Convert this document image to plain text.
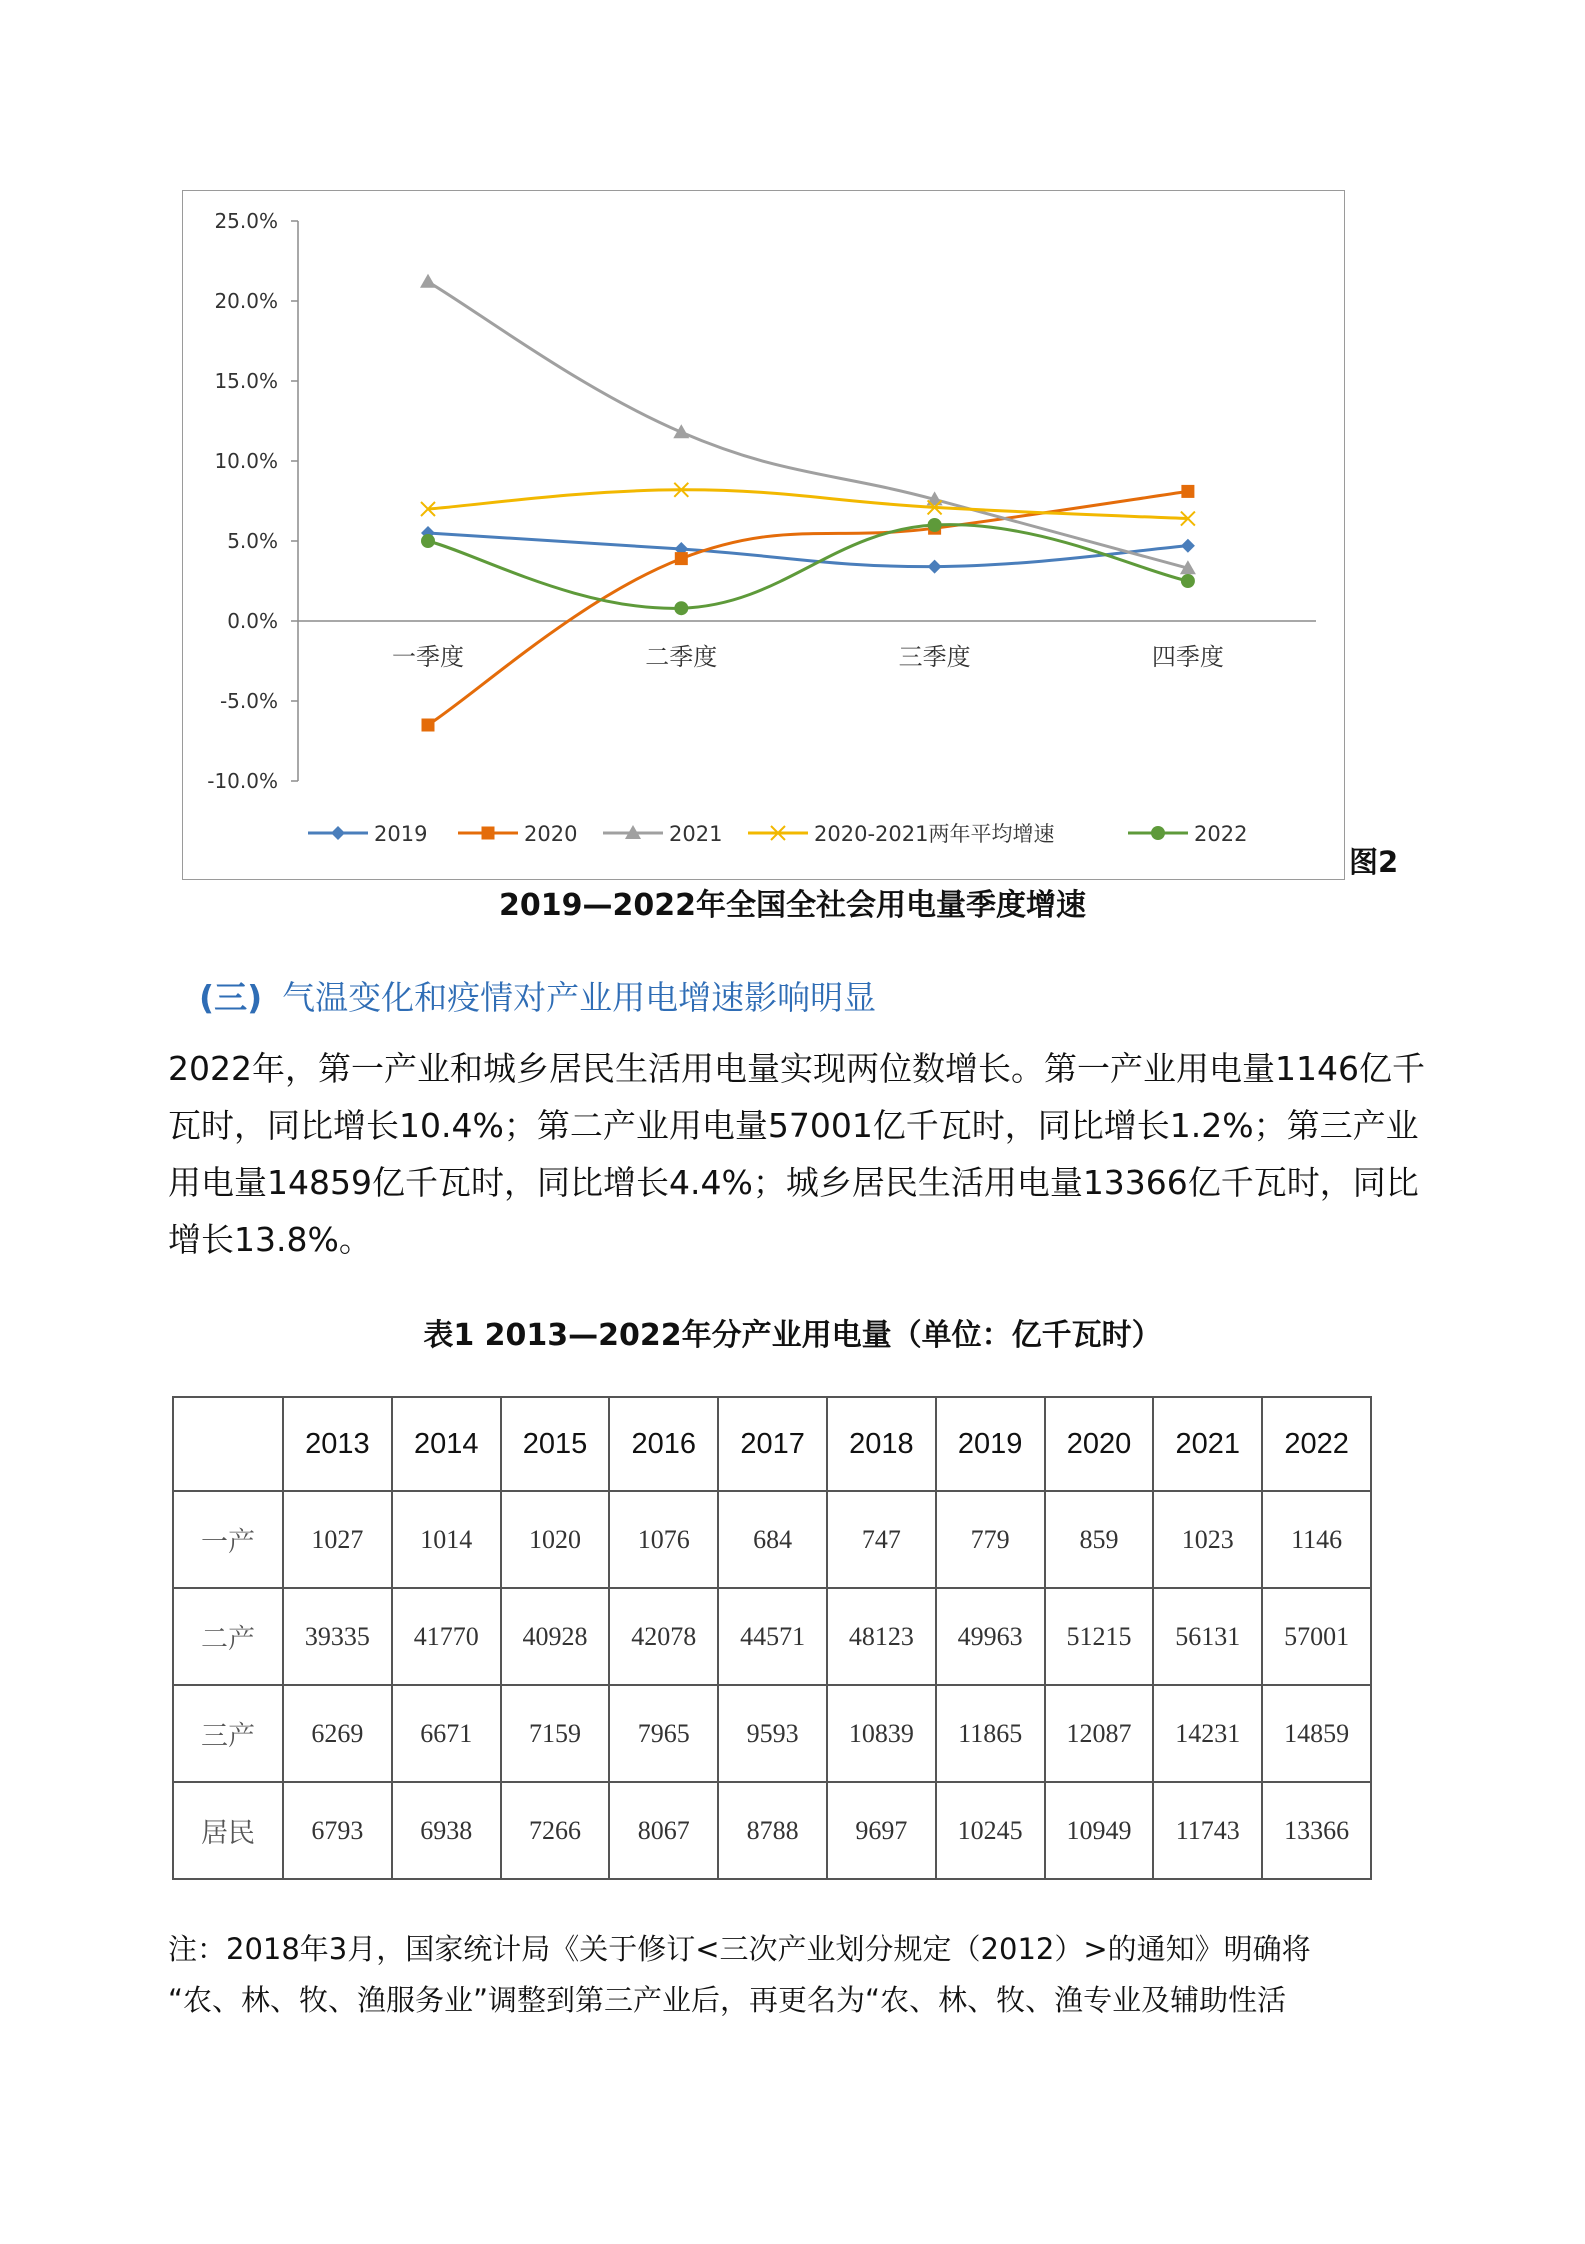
25.0%
20.0%
15.0%
10.0%
5.0%
0.0%
-5.0%
-10.0%
一季度	二季度	三季度	四季度
2019	2020	2021	2020-2021两年平均增速	2022
图2
2019—2022年全国全社会用电量季度增速
(三) 气温变化和疫情对产业用电增速影响明显
2022年，第一产业和城乡居民生活用电量实现两位数增长。第一产业用电量1146亿千瓦时，同比增长10.4%；第二产业用电量57001亿千瓦时，同比增长1.2%；第三产业用电量14859亿千瓦时，同比增长4.4%；城乡居民生活用电量13366亿千瓦时，同比增长13.8%。
表1 2013—2022年分产业用电量（单位：亿千瓦时）
	2013	2014	2015	2016	2017	2018	2019	2020	2021	2022
一产	1027	1014	1020	1076	684	747	779	859	1023	1146
二产	39335	41770	40928	42078	44571	48123	49963	51215	56131	57001
三产	6269	6671	7159	7965	9593	10839	11865	12087	14231	14859
居民	6793	6938	7266	8067	8788	9697	10245	10949	11743	13366
注：2018年3月，国家统计局《关于修订<三次产业划分规定（2012）>的通知》明确将
“农、林、牧、渔服务业”调整到第三产业后，再更名为“农、林、牧、渔专业及辅助性活
